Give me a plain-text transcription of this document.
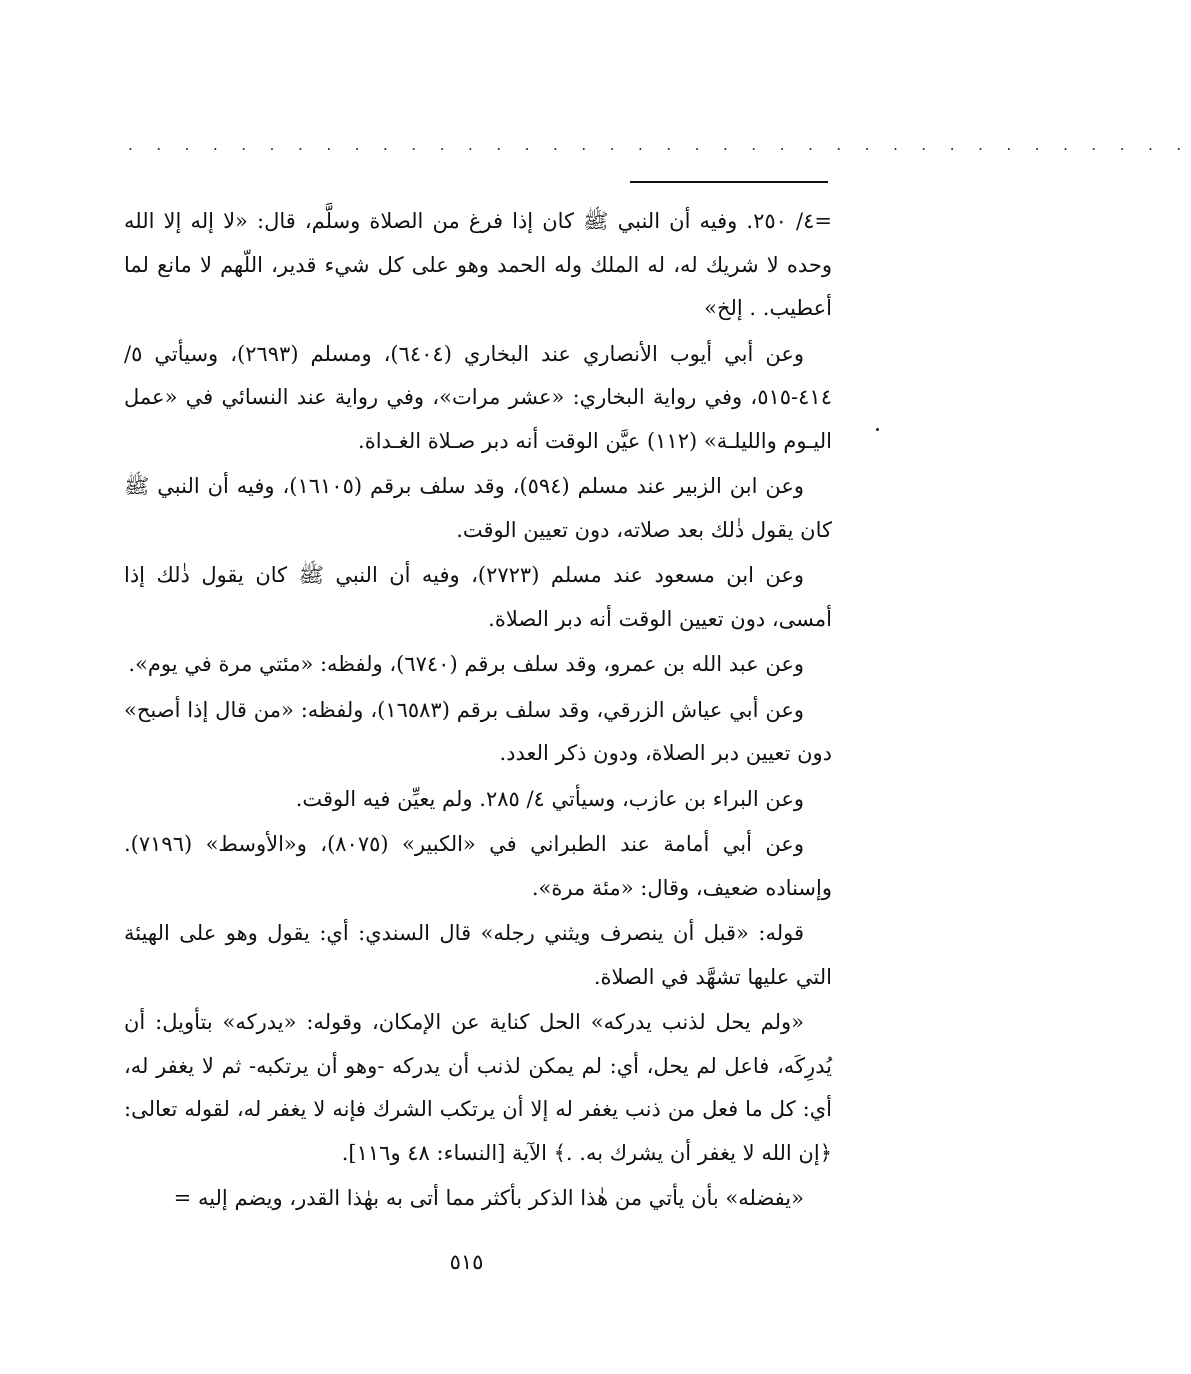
· · · · · · · · · · · · · · · · · · · · · · · · · · · · · · · · · · · · · ·

=٤/ ٢٥٠. وفيه أن النبي ﷺ كان إذا فرغ من الصلاة وسلَّم، قال: «لا إله إلا الله وحده لا شريك له، له الملك وله الحمد وهو على كل شيء قدير، اللّهم لا مانع لما أعطيب. . إلخ»

وعن أبي أيوب الأنصاري عند البخاري (٦٤٠٤)، ومسلم (٢٦٩٣)، وسيأتي ٥/ ٤١٤-٥١٥، وفي رواية البخاري: «عشر مرات»، وفي رواية عند النسائي في «عمل اليـوم والليلـة» (١١٢) عيَّن الوقت أنه دبر صـلاة الغـداة.

وعن ابن الزبير عند مسلم (٥٩٤)، وقد سلف برقم (١٦١٠٥)، وفيه أن النبي ﷺ كان يقول ذٰلك بعد صلاته، دون تعيين الوقت.

وعن ابن مسعود عند مسلم (٢٧٢٣)، وفيه أن النبي ﷺ كان يقول ذٰلك إذا أمسى، دون تعيين الوقت أنه دبر الصلاة.

وعن عبد الله بن عمرو، وقد سلف برقم (٦٧٤٠)، ولفظه: «مئتي مرة في يوم».

وعن أبي عياش الزرقي، وقد سلف برقم (١٦٥٨٣)، ولفظه: «من قال إذا أصبح» دون تعيين دبر الصلاة، ودون ذكر العدد.

وعن البراء بن عازب، وسيأتي ٤/ ٢٨٥. ولم يعيِّن فيه الوقت.

وعن أبي أمامة عند الطبراني في «الكبير» (٨٠٧٥)، و«الأوسط» (٧١٩٦). وإسناده ضعيف، وقال: «مئة مرة».

قوله: «قبل أن ينصرف ويثني رجله» قال السندي: أي: يقول وهو على الهيئة التي عليها تشهَّد في الصلاة.

«ولم يحل لذنب يدركه» الحل كناية عن الإمكان، وقوله: «يدركه» بتأويل: أن يُدرِكَه، فاعل لم يحل، أي: لم يمكن لذنب أن يدركه -وهو أن يرتكبه- ثم لا يغفر له، أي: كل ما فعل من ذنب يغفر له إلا أن يرتكب الشرك فإنه لا يغفر له، لقوله تعالى: ﴿إن الله لا يغفر أن يشرك به. .﴾ الآية [النساء: ٤٨ و١١٦].

«يفضله» بأن يأتي من هٰذا الذكر بأكثر مما أتى به بهٰذا القدر، ويضم إليه =

٥١٥
